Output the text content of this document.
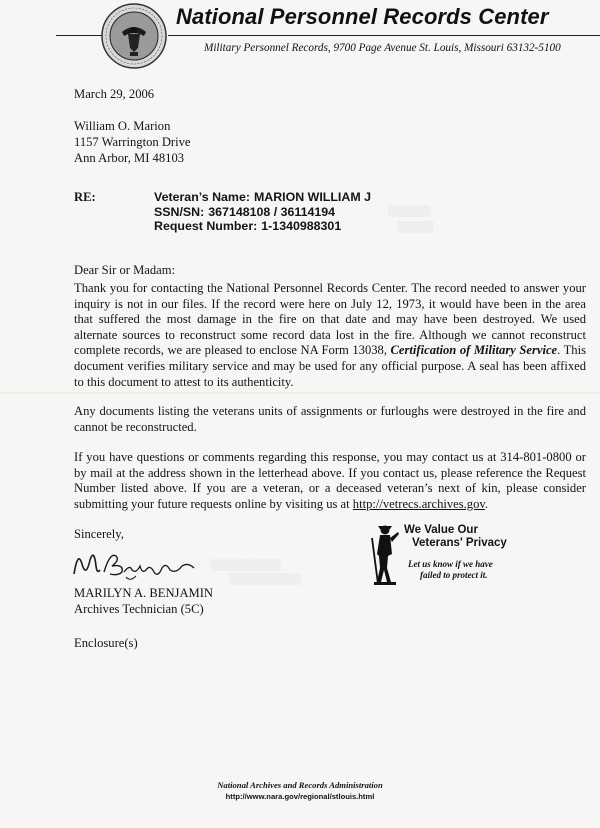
National Personnel Records Center
Military Personnel Records, 9700 Page Avenue St. Louis, Missouri 63132-5100
March 29, 2006
William O. Marion
1157 Warrington Drive
Ann Arbor, MI 48103
RE:	Veteran’s Name: MARION WILLIAM J
SSN/SN: 367148108 / 36114194
Request Number: 1-1340988301
▒▒▒▒▒▒
▒▒▒▒▒
Dear Sir or Madam:
Thank you for contacting the National Personnel Records Center. The record needed to answer your inquiry is not in our files. If the record were here on July 12, 1973, it would have been in the area that suffered the most damage in the fire on that date and may have been destroyed. We used alternate sources to reconstruct some record data lost in the fire. Although we cannot reconstruct complete records, we are pleased to enclose NA Form 13038, Certification of Military Service. This document verifies military service and may be used for any official purpose. A seal has been affixed to this document to attest to its authenticity.
Any documents listing the veterans units of assignments or furloughs were destroyed in the fire and cannot be reconstructed.
If you have questions or comments regarding this response, you may contact us at 314-801-0800 or by mail at the address shown in the letterhead above. If you contact us, please reference the Request Number listed above. If you are a veteran, or a deceased veteran’s next of kin, please consider submitting your future requests online by visiting us at http://vetrecs.archives.gov.
Sincerely,
MARILYN A. BENJAMIN
Archives Technician (5C)
Enclosure(s)
We Value Our
Veterans' Privacy
Let us know if we have
failed to protect it.
▒▒▒▒▒▒▒▒▒▒
▒▒▒▒▒▒▒▒▒▒
National Archives and Records Administration
http://www.nara.gov/regional/stlouis.html
